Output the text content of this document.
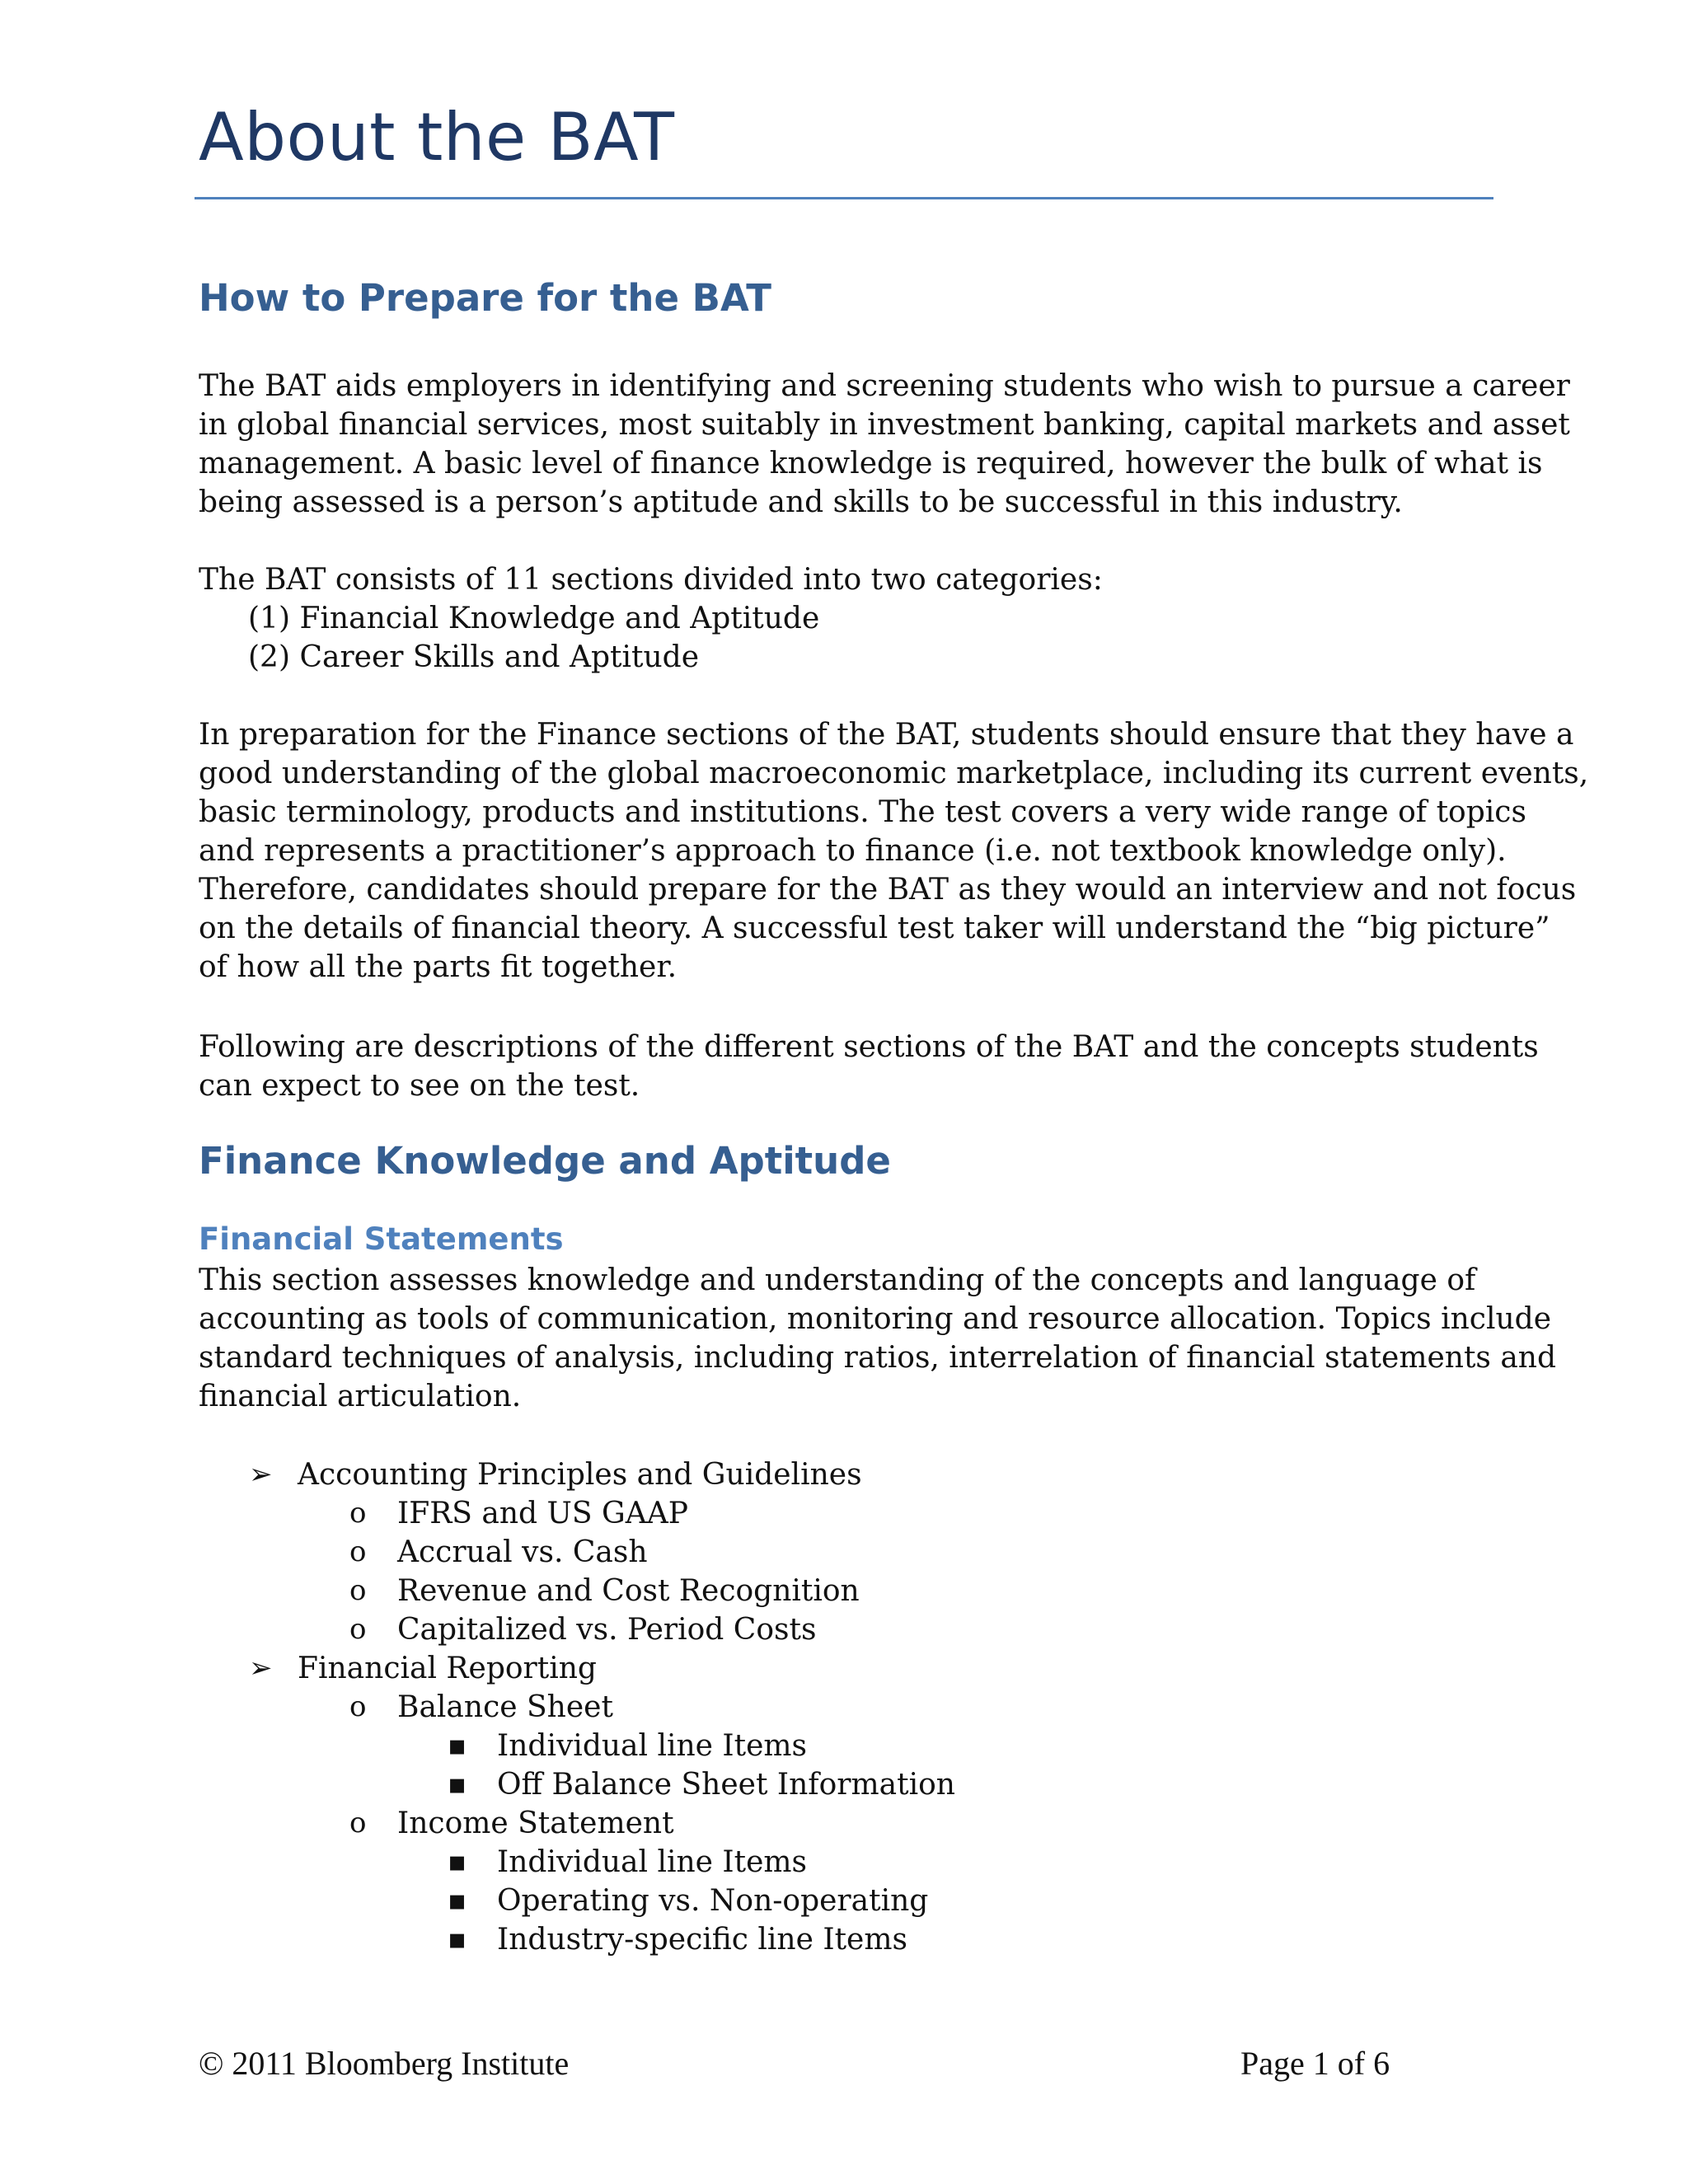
About the BAT
How to Prepare for the BAT

The BAT aids employers in identifying and screening students who wish to pursue a career

in global financial services, most suitably in investment banking, capital markets and asset

management. A basic level of finance knowledge is required, however the bulk of what is

being assessed is a person’s aptitude and skills to be successful in this industry.

The BAT consists of 11 sections divided into two categories:

(1) Financial Knowledge and Aptitude

(2) Career Skills and Aptitude

In preparation for the Finance sections of the BAT, students should ensure that they have a

good understanding of the global macroeconomic marketplace, including its current events,

basic terminology, products and institutions. The test covers a very wide range of topics

and represents a practitioner’s approach to finance (i.e. not textbook knowledge only).

Therefore, candidates should prepare for the BAT as they would an interview and not focus

on the details of financial theory. A successful test taker will understand the “big picture”

of how all the parts fit together.

Following are descriptions of the different sections of the BAT and the concepts students

can expect to see on the test.

Finance Knowledge and Aptitude
Financial Statements

This section assesses knowledge and understanding of the concepts and language of

accounting as tools of communication, monitoring and resource allocation. Topics include

standard techniques of analysis, including ratios, interrelation of financial statements and

financial articulation.

➢ Accounting Principles and Guidelines
o IFRS and US GAAP
o Accrual vs. Cash
o Revenue and Cost Recognition
o Capitalized vs. Period Costs
➢ Financial Reporting
o Balance Sheet
▪ Individual line Items
▪ Off Balance Sheet Information
o Income Statement
▪ Individual line Items
▪ Operating vs. Non-operating
▪ Industry-specific line Items
© 2011 Bloomberg Institute	Page 1 of 6
